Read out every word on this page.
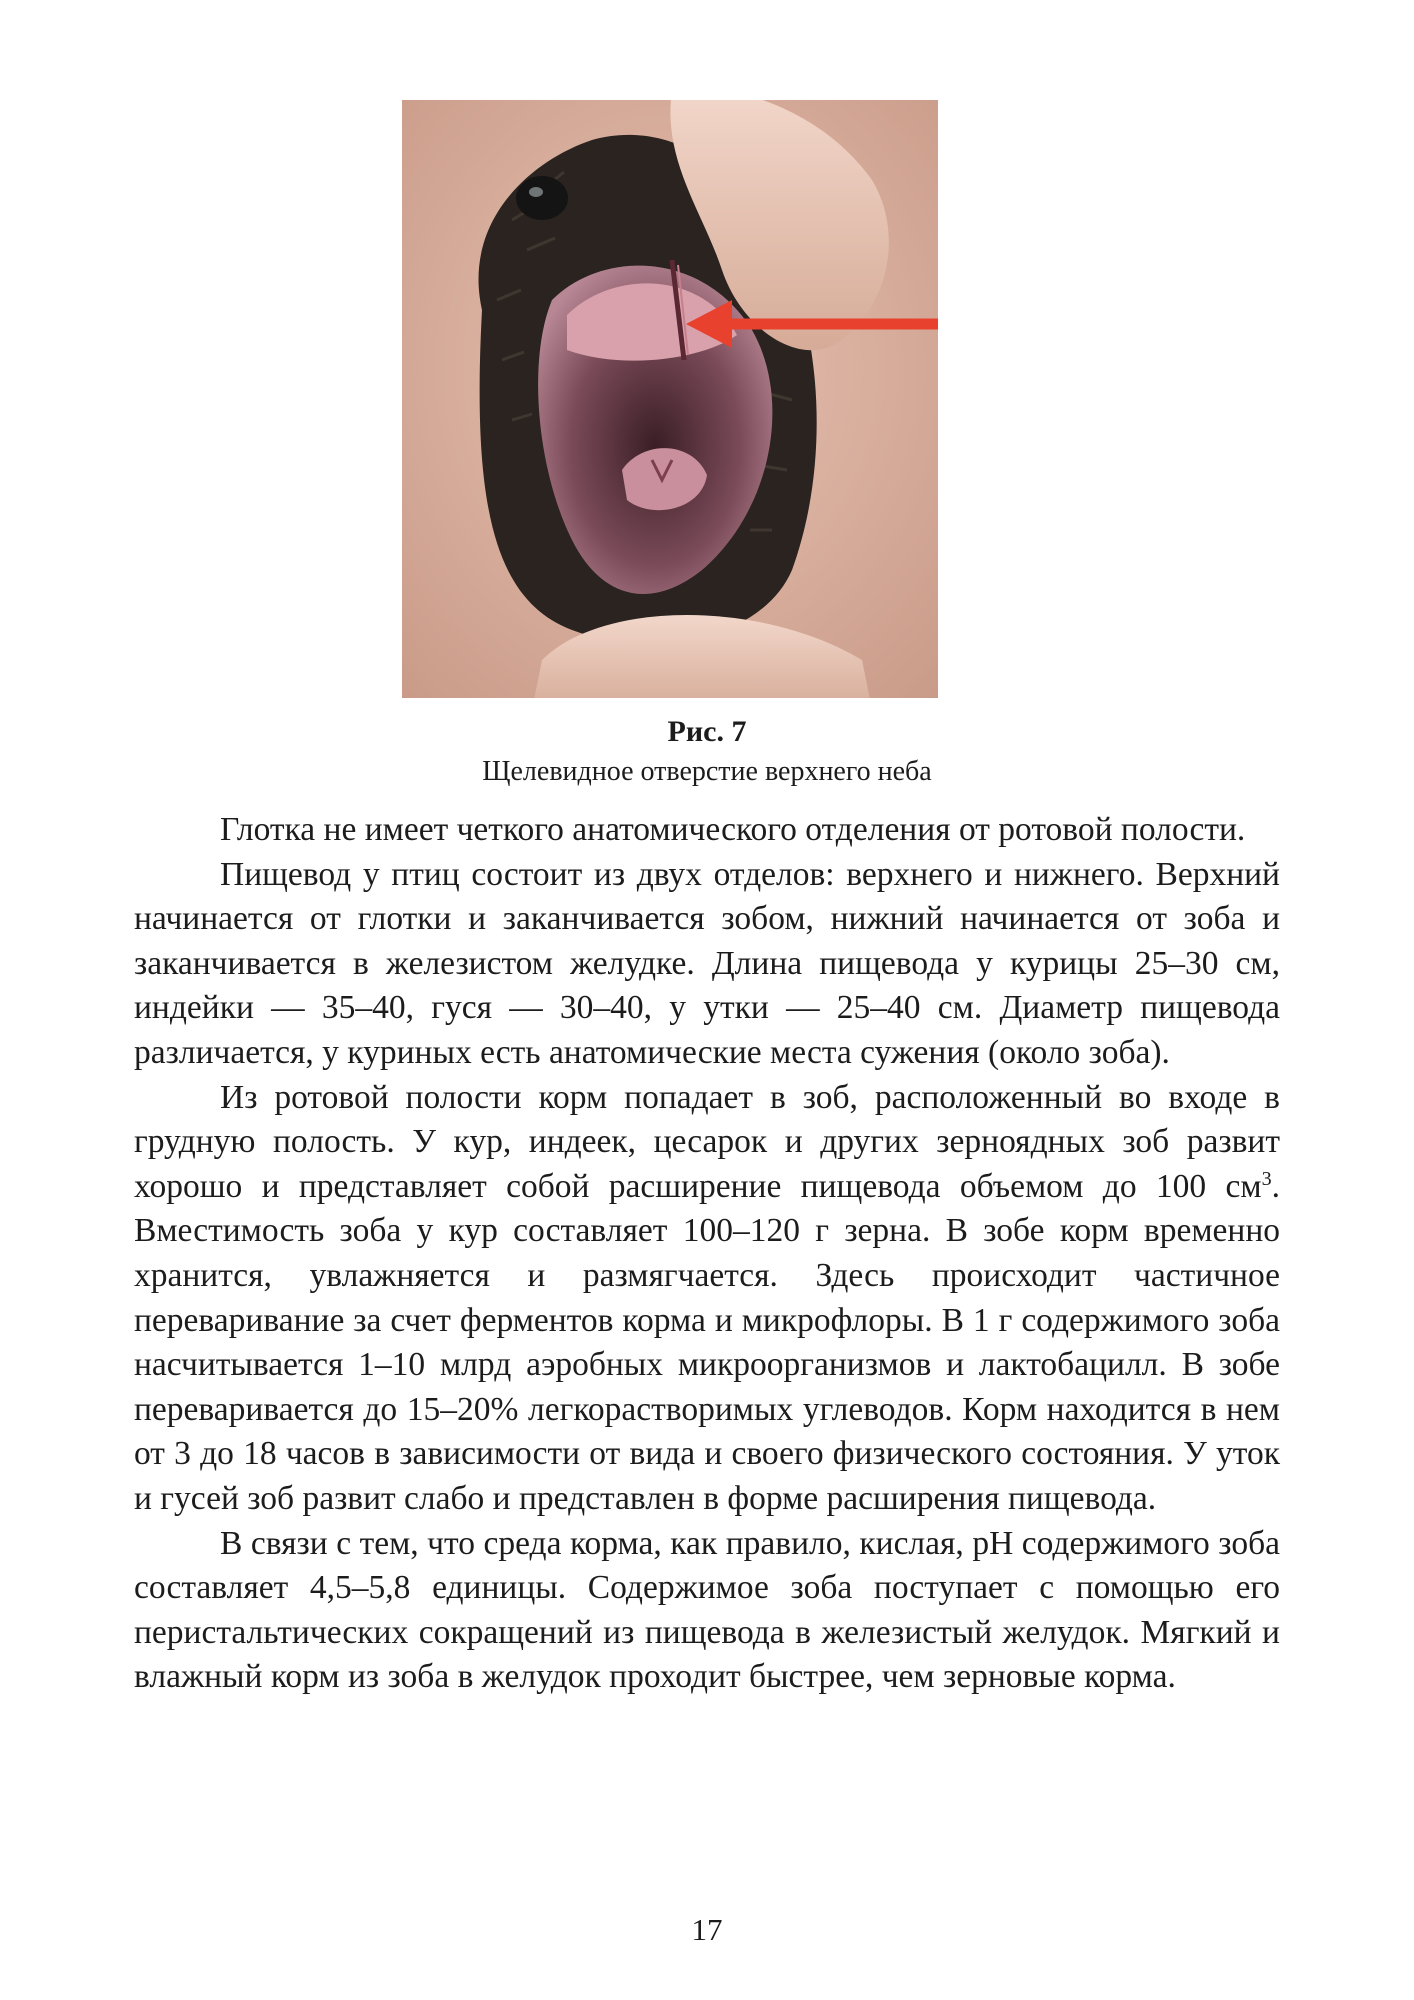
Рис. 7
Щелевидное отверстие верхнего неба

Глотка не имеет четкого анатомического отделения от ротовой полости.

Пищевод у птиц состоит из двух отделов: верхнего и нижнего. Верхний начинается от глотки и заканчивается зобом, нижний начинается от зоба и заканчивается в железистом желудке. Длина пищевода у курицы 25–30 см, индейки — 35–40, гуся — 30–40, у утки — 25–40 см. Диаметр пищевода различается, у куриных есть анатомические места сужения (около зоба).

Из ротовой полости корм попадает в зоб, расположенный во входе в грудную полость. У кур, индеек, цесарок и других зерноядных зоб развит хорошо и представляет собой расширение пищевода объемом до 100 $см^3$. Вместимость зоба у кур составляет 100–120 г зерна. В зобе корм временно хранится, увлажняется и размягчается. Здесь происходит частичное переваривание за счет ферментов корма и микрофлоры. В 1 г содержимого зоба насчитывается 1–10 млрд аэробных микроорганизмов и лактобацилл. В зобе переваривается до 15–20% легкорастворимых углеводов. Корм находится в нем от 3 до 18 часов в зависимости от вида и своего физического состояния. У уток и гусей зоб развит слабо и представлен в форме расширения пищевода.

В связи с тем, что среда корма, как правило, кислая, pH содержимого зоба составляет 4,5–5,8 единицы. Содержимое зоба поступает с помощью его перистальтических сокращений из пищевода в железистый желудок. Мягкий и влажный корм из зоба в желудок проходит быстрее, чем зерновые корма.

17
